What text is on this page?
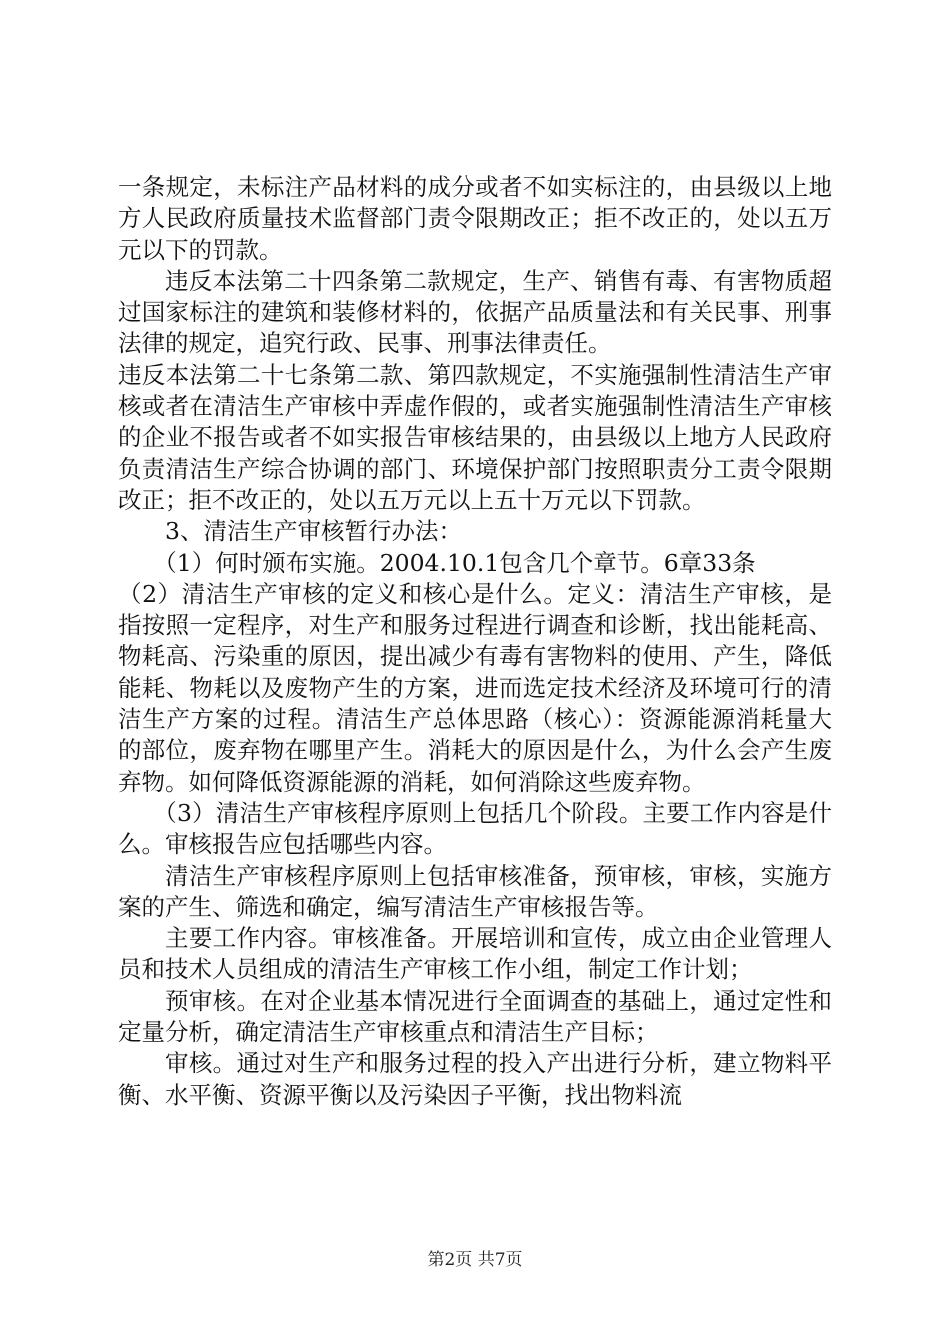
一条规定，未标注产品材料的成分或者不如实标注的，由县级以上地方人民政府质量技术监督部门责令限期改正；拒不改正的，处以五万元以下的罚款。

违反本法第二十四条第二款规定，生产、销售有毒、有害物质超过国家标注的建筑和装修材料的，依据产品质量法和有关民事、刑事法律的规定，追究行政、民事、刑事法律责任。

违反本法第二十七条第二款、第四款规定，不实施强制性清洁生产审核或者在清洁生产审核中弄虚作假的，或者实施强制性清洁生产审核的企业不报告或者不如实报告审核结果的，由县级以上地方人民政府负责清洁生产综合协调的部门、环境保护部门按照职责分工责令限期改正；拒不改正的，处以五万元以上五十万元以下罚款。

3、清洁生产审核暂行办法：

（1）何时颁布实施。2004.10.1包含几个章节。6章33条

（2）清洁生产审核的定义和核心是什么。定义：清洁生产审核，是指按照一定程序，对生产和服务过程进行调查和诊断，找出能耗高、物耗高、污染重的原因，提出减少有毒有害物料的使用、产生，降低能耗、物耗以及废物产生的方案，进而选定技术经济及环境可行的清洁生产方案的过程。清洁生产总体思路（核心）：资源能源消耗量大的部位，废弃物在哪里产生。消耗大的原因是什么，为什么会产生废弃物。如何降低资源能源的消耗，如何消除这些废弃物。

（3）清洁生产审核程序原则上包括几个阶段。主要工作内容是什么。审核报告应包括哪些内容。

清洁生产审核程序原则上包括审核准备，预审核，审核，实施方案的产生、筛选和确定，编写清洁生产审核报告等。

主要工作内容。审核准备。开展培训和宣传，成立由企业管理人员和技术人员组成的清洁生产审核工作小组，制定工作计划；

预审核。在对企业基本情况进行全面调查的基础上，通过定性和定量分析，确定清洁生产审核重点和清洁生产目标；

审核。通过对生产和服务过程的投入产出进行分析，建立物料平衡、水平衡、资源平衡以及污染因子平衡，找出物料流

第2页 共7页
